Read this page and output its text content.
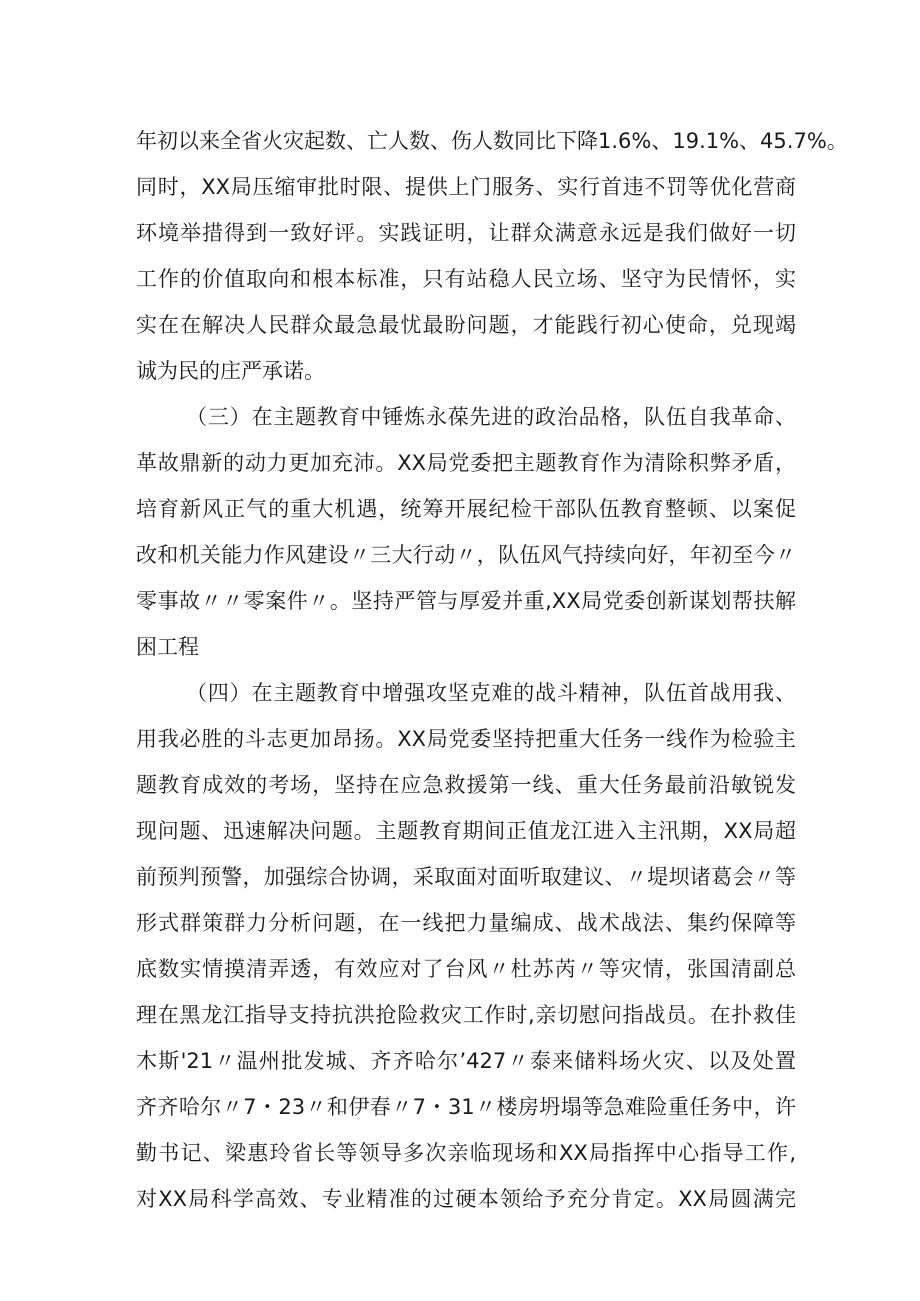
年初以来全省火灾起数、亡人数、伤人数同比下降1.6%、19.1%、45.7%。
同时，XX局压缩审批时限、提供上门服务、实行首违不罚等优化营商
环境举措得到一致好评。实践证明，让群众满意永远是我们做好一切
工作的价值取向和根本标准，只有站稳人民立场、坚守为民情怀，实
实在在解决人民群众最急最忧最盼问题，才能践行初心使命，兑现竭
诚为民的庄严承诺。
（三）在主题教育中锤炼永葆先进的政治品格，队伍自我革命、
革故鼎新的动力更加充沛。XX局党委把主题教育作为清除积弊矛盾，
培育新风正气的重大机遇，统筹开展纪检干部队伍教育整顿、以案促
改和机关能力作风建设〃三大行动〃，队伍风气持续向好，年初至今〃
零事故〃〃零案件〃。坚持严管与厚爱并重,XX局党委创新谋划帮扶解
困工程
（四）在主题教育中增强攻坚克难的战斗精神，队伍首战用我、
用我必胜的斗志更加昂扬。XX局党委坚持把重大任务一线作为检验主
题教育成效的考场，坚持在应急救援第一线、重大任务最前沿敏锐发
现问题、迅速解决问题。主题教育期间正值龙江进入主汛期，XX局超
前预判预警，加强综合协调，采取面对面听取建议、〃堤坝诸葛会〃等
形式群策群力分析问题，在一线把力量编成、战术战法、集约保障等
底数实情摸清弄透，有效应对了台风〃杜苏芮〃等灾情，张国清副总
理在黑龙江指导支持抗洪抢险救灾工作时,亲切慰问指战员。在扑救佳
木斯'21〃温州批发城、齐齐哈尔’427〃泰来储料场火灾、以及处置
齐齐哈尔〃7・23〃和伊春〃7・31〃楼房坍塌等急难险重任务中，许
勤书记、梁惠玲省长等领导多次亲临现场和XX局指挥中心指导工作,
对XX局科学高效、专业精准的过硬本领给予充分肯定。XX局圆满完
